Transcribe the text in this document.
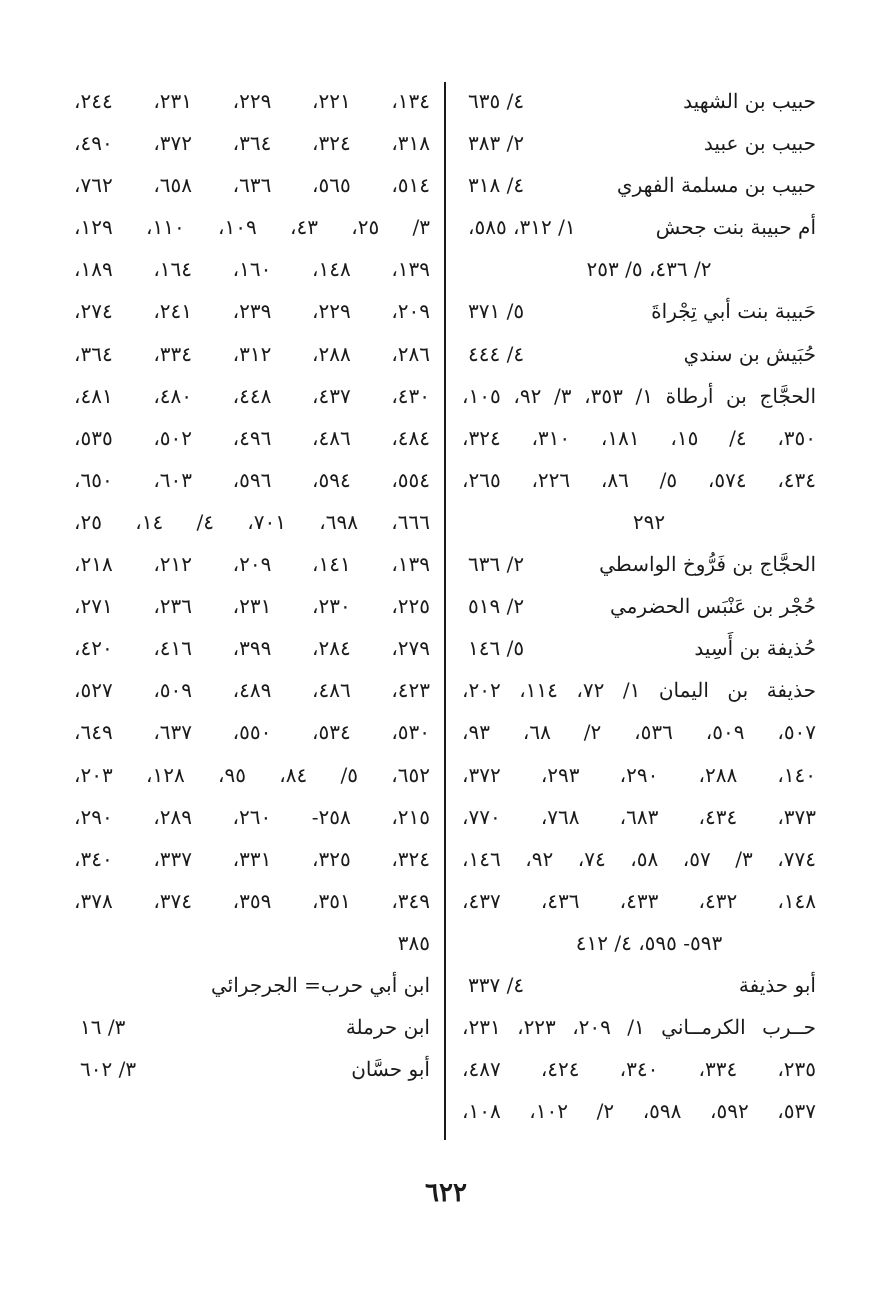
حبيب بن الشهيد
٤/ ٦٣٥
حبيب بن عبيد
٢/ ٣٨٣
حبيب بن مسلمة الفهري
٤/ ٣١٨
أم حبيبة بنت جحش
١/ ٣١٢، ٥٨٥،
٢/ ٤٣٦، ٥/ ٢٥٣
حَبيبة بنت أبي تِجْراةَ
٥/ ٣٧١
حُبَيش بن سندي
٤/ ٤٤٤
الحجَّاج بن أرطاة ١/ ٣٥٣، ٣/ ٩٢، ١٠٥،
٣٥٠، ٤/ ١٥، ١٨١، ٣١٠، ٣٢٤،
٤٣٤، ٥٧٤، ٥/ ٨٦، ٢٢٦، ٢٦٥،
٢٩٢
الحجَّاج بن فَرُّوخ الواسطي
٢/ ٦٣٦
حُجْر بن عَنْبَس الحضرمي
٢/ ٥١٩
حُذيفة بن أَسِيد
٥/ ١٤٦
حذيفة بن اليمان ١/ ٧٢، ١١٤، ٢٠٢،
٥٠٧، ٥٠٩، ٥٣٦، ٢/ ٦٨، ٩٣،
١٤٠، ٢٨٨، ٢٩٠، ٢٩٣، ٣٧٢،
٣٧٣، ٤٣٤، ٦٨٣، ٧٦٨، ٧٧٠،
٧٧٤، ٣/ ٥٧، ٥٨، ٧٤، ٩٢، ١٤٦،
١٤٨، ٤٣٢، ٤٣٣، ٤٣٦، ٤٣٧،
٥٩٣- ٥٩٥، ٤/ ٤١٢
أبو حذيفة
٤/ ٣٣٧
حــرب الكرمــاني ١/ ٢٠٩، ٢٢٣، ٢٣١،
٢٣٥، ٣٣٤، ٣٤٠، ٤٢٤، ٤٨٧،
٥٣٧، ٥٩٢، ٥٩٨، ٢/ ١٠٢، ١٠٨،
١٣٤، ٢٢١، ٢٢٩، ٢٣١، ٢٤٤،
٣١٨، ٣٢٤، ٣٦٤، ٣٧٢، ٤٩٠،
٥١٤، ٥٦٥، ٦٣٦، ٦٥٨، ٧٦٢،
٣/ ٢٥، ٤٣، ١٠٩، ١١٠، ١٢٩،
١٣٩، ١٤٨، ١٦٠، ١٦٤، ١٨٩،
٢٠٩، ٢٢٩، ٢٣٩، ٢٤١، ٢٧٤،
٢٨٦، ٢٨٨، ٣١٢، ٣٣٤، ٣٦٤،
٤٣٠، ٤٣٧، ٤٤٨، ٤٨٠، ٤٨١،
٤٨٤، ٤٨٦، ٤٩٦، ٥٠٢، ٥٣٥،
٥٥٤، ٥٩٤، ٥٩٦، ٦٠٣، ٦٥٠،
٦٦٦، ٦٩٨، ٧٠١، ٤/ ١٤، ٢٥،
١٣٩، ١٤١، ٢٠٩، ٢١٢، ٢١٨،
٢٢٥، ٢٣٠، ٢٣١، ٢٣٦، ٢٧١،
٢٧٩، ٢٨٤، ٣٩٩، ٤١٦، ٤٢٠،
٤٢٣، ٤٨٦، ٤٨٩، ٥٠٩، ٥٢٧،
٥٣٠، ٥٣٤، ٥٥٠، ٦٣٧، ٦٤٩،
٦٥٢، ٥/ ٨٤، ٩٥، ١٢٨، ٢٠٣،
٢١٥، ٢٥٨- ٢٦٠، ٢٨٩، ٢٩٠،
٣٢٤، ٣٢٥، ٣٣١، ٣٣٧، ٣٤٠،
٣٤٩، ٣٥١، ٣٥٩، ٣٧٤، ٣٧٨،
٣٨٥
ابن أبي حرب= الجرجرائي
ابن حرملة
٣/ ١٦
أبو حسَّان
٣/ ٦٠٢
٦٢٢
